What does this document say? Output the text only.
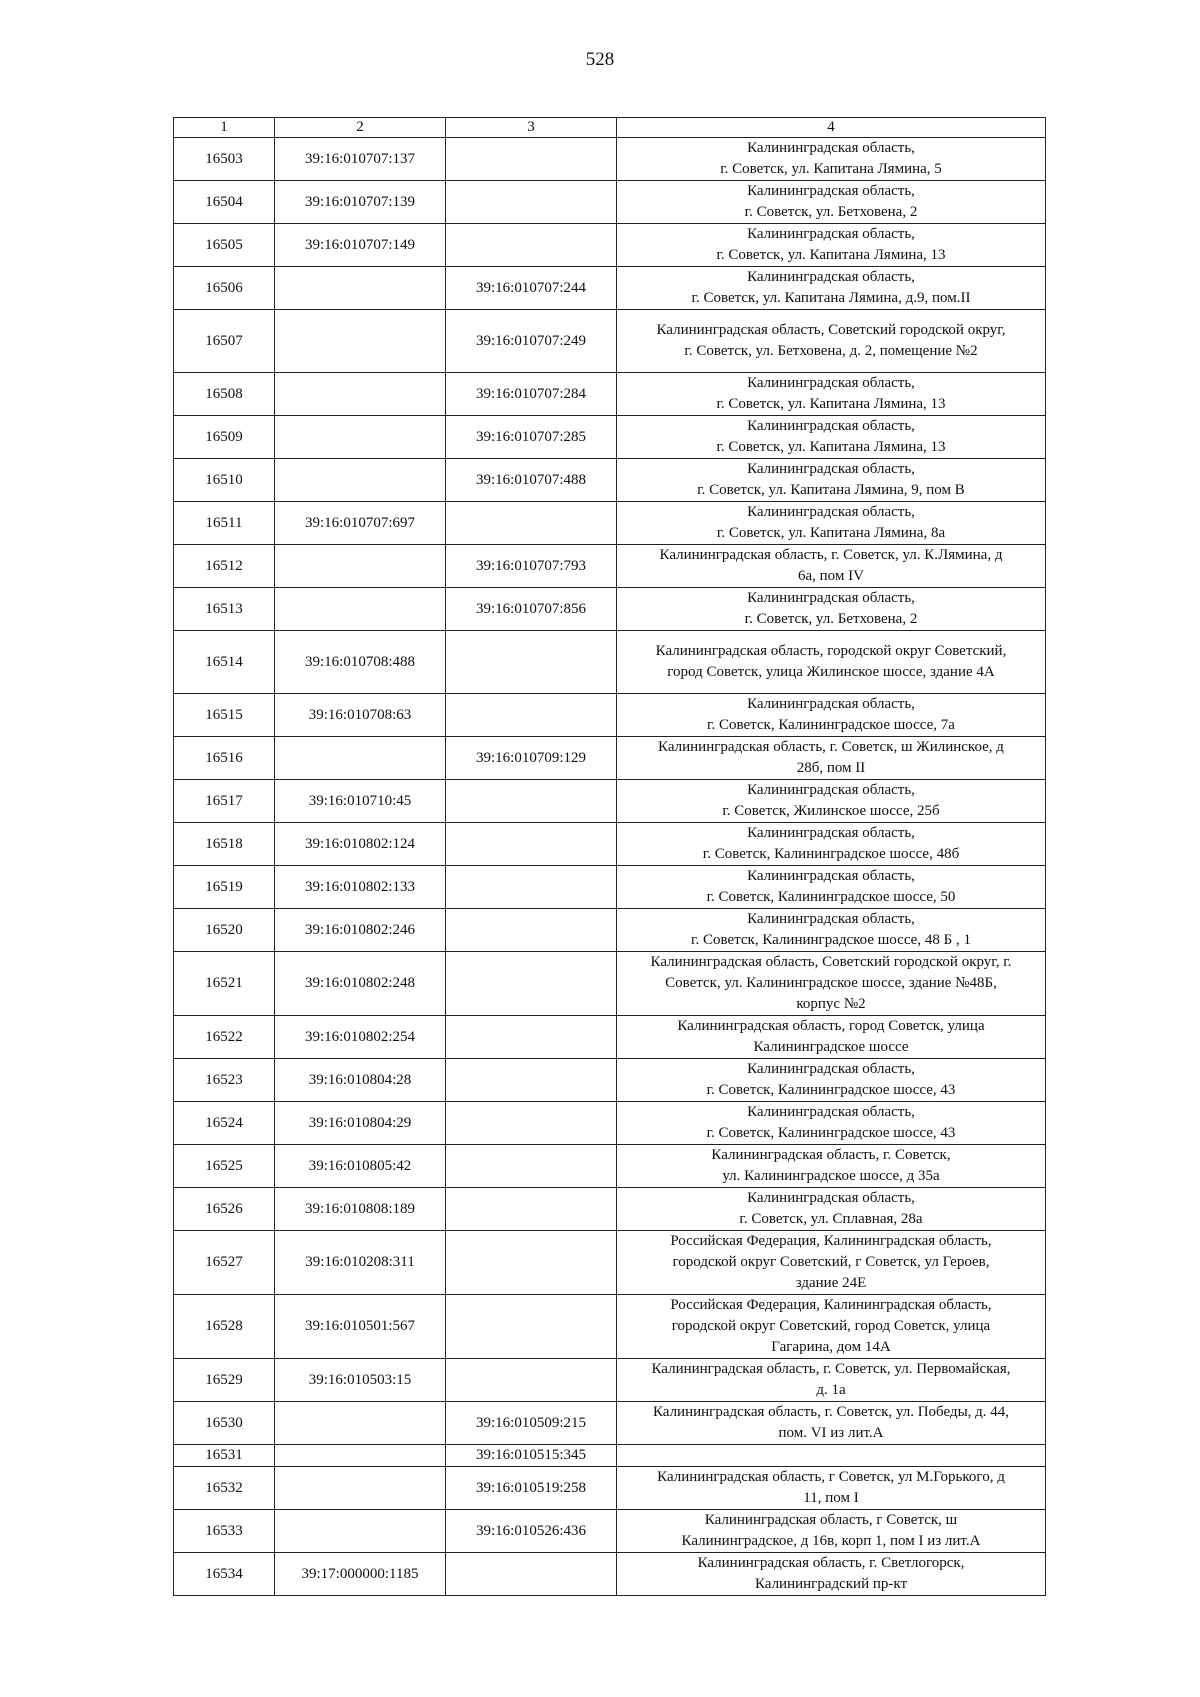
528
1	2	3	4
16503	39:16:010707:137		Калининградская область,
г. Советск, ул. Капитана Лямина, 5

16504	39:16:010707:139		Калининградская область,
г. Советск, ул. Бетховена, 2

16505	39:16:010707:149		Калининградская область,
г. Советск, ул. Капитана Лямина, 13

16506		39:16:010707:244	Калининградская область,
г. Советск, ул. Капитана Лямина, д.9, пом.II

16507		39:16:010707:249	Калининградская область, Советский городской округ,
г. Советск, ул. Бетховена, д. 2, помещение №2

16508		39:16:010707:284	Калининградская область,
г. Советск, ул. Капитана Лямина, 13

16509		39:16:010707:285	Калининградская область,
г. Советск, ул. Капитана Лямина, 13

16510		39:16:010707:488	Калининградская область,
г. Советск, ул. Капитана Лямина, 9, пом В

16511	39:16:010707:697		Калининградская область,
г. Советск, ул. Капитана Лямина, 8а

16512		39:16:010707:793	Калининградская область, г. Советск, ул. К.Лямина, д
6а, пом IV

16513		39:16:010707:856	Калининградская область,
г. Советск, ул. Бетховена, 2

16514	39:16:010708:488		Калининградская область, городской округ Советский,
город Советск, улица Жилинское шоссе, здание 4А

16515	39:16:010708:63		Калининградская область,
г. Советск, Калининградское шоссе, 7а

16516		39:16:010709:129	Калининградская область, г. Советск, ш Жилинское, д
28б, пом II

16517	39:16:010710:45		Калининградская область,
г. Советск, Жилинское шоссе, 25б

16518	39:16:010802:124		Калининградская область,
г. Советск, Калининградское шоссе, 48б

16519	39:16:010802:133		Калининградская область,
г. Советск, Калининградское шоссе, 50

16520	39:16:010802:246		Калининградская область,
г. Советск, Калининградское шоссе, 48 Б , 1

16521	39:16:010802:248		Калининградская область, Советский городской округ, г.
Советск, ул. Калининградское шоссе, здание №48Б,
корпус №2

16522	39:16:010802:254		Калининградская область, город Советск, улица
Калининградское шоссе

16523	39:16:010804:28		Калининградская область,
г. Советск, Калининградское шоссе, 43

16524	39:16:010804:29		Калининградская область,
г. Советск, Калининградское шоссе, 43

16525	39:16:010805:42		Калининградская область, г. Советск,
ул. Калининградское шоссе, д 35а

16526	39:16:010808:189		Калининградская область,
г. Советск, ул. Сплавная, 28а

16527	39:16:010208:311		Российская Федерация, Калининградская область,
городской округ Советский, г Советск, ул Героев,
здание 24Е

16528	39:16:010501:567		Российская Федерация, Калининградская область,
городской округ Советский, город Советск, улица
Гагарина, дом 14А

16529	39:16:010503:15		Калининградская область, г. Советск, ул. Первомайская,
д. 1а

16530		39:16:010509:215	Калининградская область, г. Советск, ул. Победы, д. 44,
пом. VI из лит.А

16531		39:16:010515:345	
16532		39:16:010519:258	Калининградская область, г Советск, ул М.Горького, д
11, пом I

16533		39:16:010526:436	Калининградская область, г Советск, ш
Калининградское, д 16в, корп 1, пом I из лит.А

16534	39:17:000000:1185		Калининградская область, г. Светлогорск,
Калининградский пр-кт
